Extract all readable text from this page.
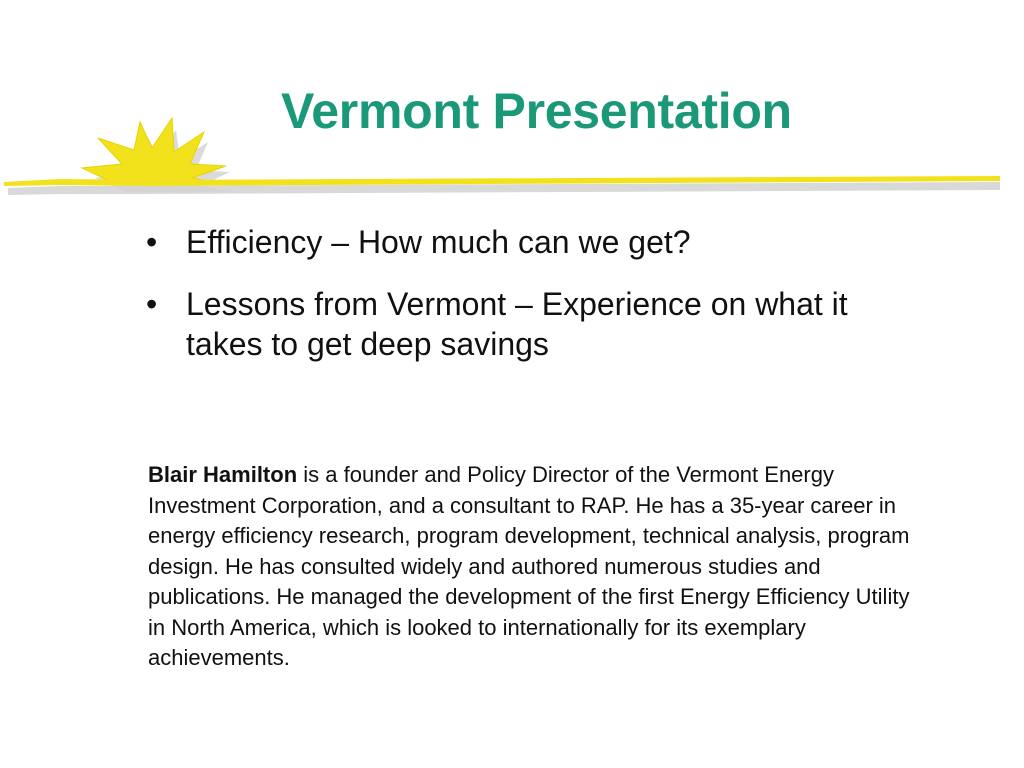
Vermont Presentation
• Efficiency – How much can we get?
• Lessons from Vermont – Experience on what it takes to get deep savings
Blair Hamilton is a founder and Policy Director of the Vermont Energy Investment Corporation, and a consultant to RAP. He has a 35-year career in energy efficiency research, program development, technical analysis, program design. He has consulted widely and authored numerous studies and publications. He managed the development of the first Energy Efficiency Utility in North America, which is looked to internationally for its exemplary achievements.
